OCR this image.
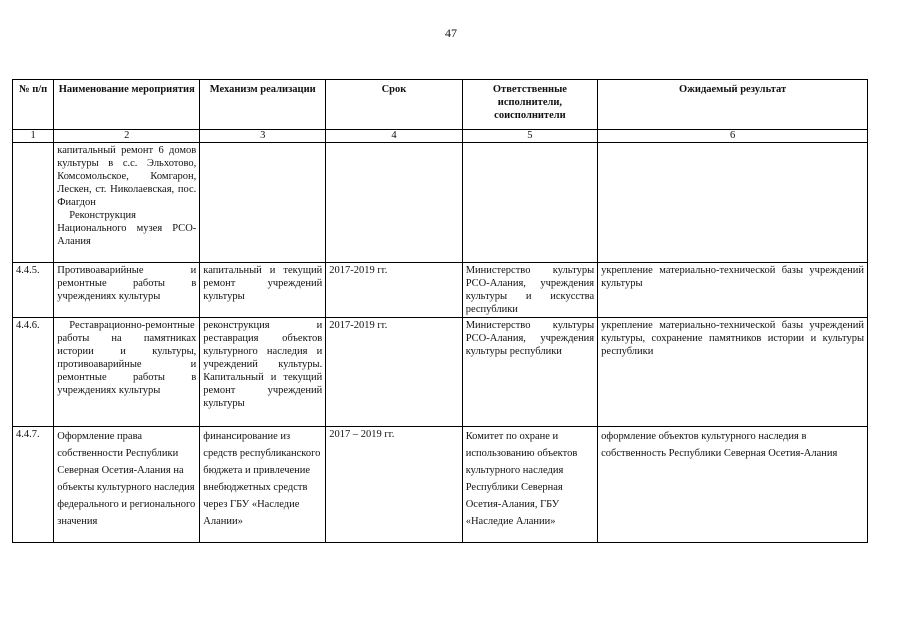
47
№ п/п	Наименование мероприятия	Механизм реализации	Срок	Ответственные исполнители, соисполнители	Ожидаемый результат
1	2	3	4	5	6

	капитальный ремонт 6 домов культуры в с.с. Эльхотово, Комсомольское, Комгарон, Лескен, ст. Николаевская, пос. Фиагдон
Реконструкция Национального музея РСО-Алания				

4.4.5.	Противоаварийные и ремонтные работы в учреждениях культуры	капитальный и текущий ремонт учреждений культуры	2017-2019 гг.	Министерство культуры РСО-Алания, учреждения культуры и искусства республики	укрепление материально-технической базы учреждений культуры
4.4.6.	Реставрационно-ремонтные работы на памятниках истории и культуры, противоаварийные и ремонтные работы в учреждениях культуры	реконструкция и реставрация объектов культурного наследия и учреждений культуры. Капитальный и текущий ремонт учреждений культуры	2017-2019 гг.	Министерство культуры РСО-Алания, учреждения культуры республики	укрепление материально-технической базы учреждений культуры, сохранение памятников истории и культуры республики
4.4.7.	Оформление права собственности Республики Северная Осетия-Алания на объекты культурного наследия федерального и регионального значения	финансирование из средств республиканского бюджета и привлечение внебюджетных средств через ГБУ «Наследие Алании»	2017 – 2019 гг.	Комитет по охране и использованию объектов культурного наследия Республики Северная Осетия-Алания, ГБУ «Наследие Алании»	оформление объектов культурного наследия в собственность Республики Северная Осетия-Алания
